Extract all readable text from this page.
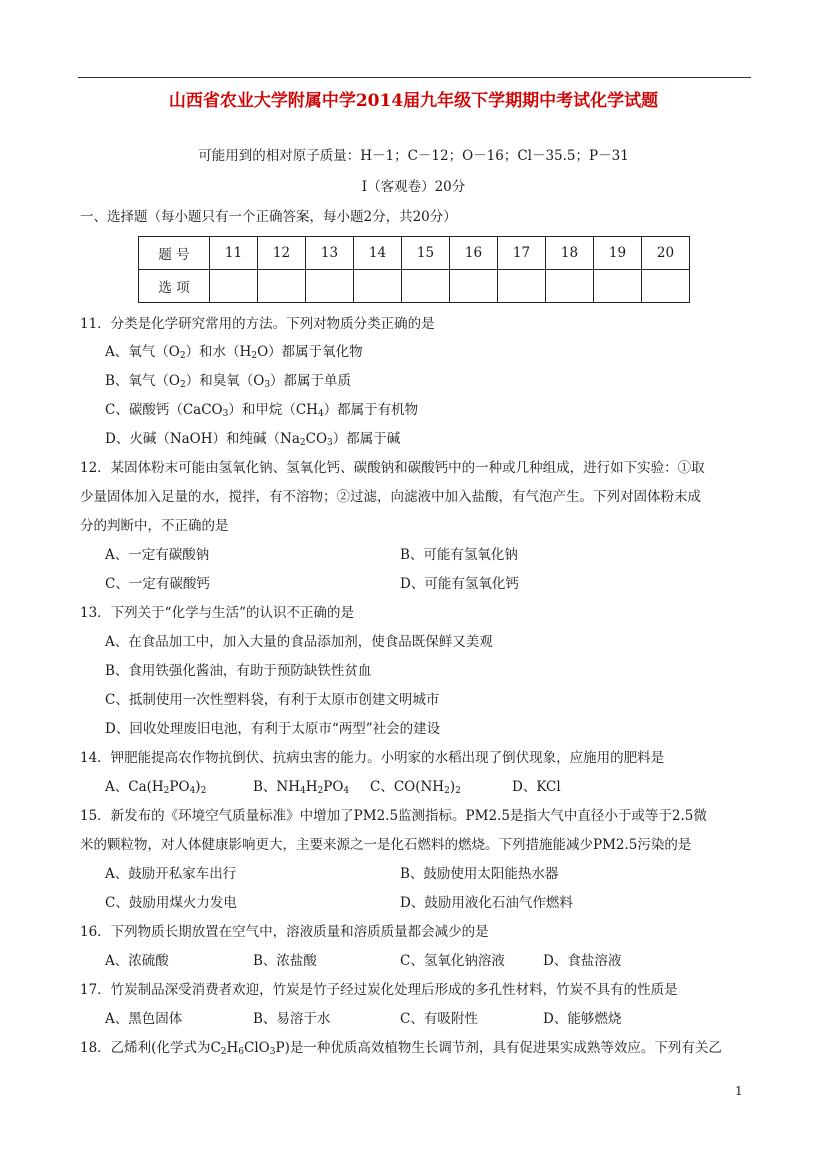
山西省农业大学附属中学2014届九年级下学期期中考试化学试题
可能用到的相对原子质量：H－1；C－12；O－16；Cl－35.5；P－31
Ⅰ（客观卷）20分
一、选择题（每小题只有一个正确答案，每小题2分，共20分）
题 号	11	12	13	14	15	16	17	18	19	20
选 项										
11．分类是化学研究常用的方法。下列对物质分类正确的是
A、氧气$(O_2)$和水$(H_2O)$都属于氧化物
B、氧气$(O_2)$和臭氧$(O_3)$都属于单质
C、碳酸钙（CaCO$_3$）和甲烷$(CH_4)$都属于有机物
D、火碱（NaOH）和纯碱$(Na_2CO_3)$都属于碱
12．某固体粉末可能由氢氧化钠、氢氧化钙、碳酸钠和碳酸钙中的一种或几种组成，进行如下实验：①取
少量固体加入足量的水，搅拌，有不溶物；②过滤，向滤液中加入盐酸，有气泡产生。下列对固体粉末成
分的判断中，不正确的是
A、一定有碳酸钠	B、可能有氢氧化钠
C、一定有碳酸钙	D、可能有氢氧化钙
13．下列关于“化学与生活”的认识不正确的是
A、在食品加工中，加入大量的食品添加剂，使食品既保鲜又美观
B、食用铁强化酱油，有助于预防缺铁性贫血
C、抵制使用一次性塑料袋，有利于太原市创建文明城市
D、回收处理废旧电池，有利于太原市“两型”社会的建设
14．钾肥能提高农作物抗倒伏、抗病虫害的能力。小明家的水稻出现了倒伏现象，应施用的肥料是
A、$Ca(H_2PO_4)_2$	B、$NH_4H_2PO_4$ C、$CO(NH_2)_2$	D、KCl
15．新发布的《环境空气质量标准》中增加了PM2.5监测指标。PM2.5是指大气中直径小于或等于2.5微
米的颗粒物，对人体健康影响更大，主要来源之一是化石燃料的燃烧。下列措施能减少PM2.5污染的是
A、鼓励开私家车出行	B、鼓励使用太阳能热水器
C、鼓励用煤火力发电	D、鼓励用液化石油气作燃料
16．下列物质长期放置在空气中，溶液质量和溶质质量都会减少的是
A、浓硫酸	B、浓盐酸	C、氢氧化钠溶液	D、食盐溶液
17．竹炭制品深受消费者欢迎，竹炭是竹子经过炭化处理后形成的多孔性材料，竹炭不具有的性质是
A、黑色固体	B、易溶于水	C、有吸附性	D、能够燃烧
18．乙烯利(化学式为$C_2H_6ClO_3P$)是一种优质高效植物生长调节剂，具有促进果实成熟等效应。下列有关乙
1
